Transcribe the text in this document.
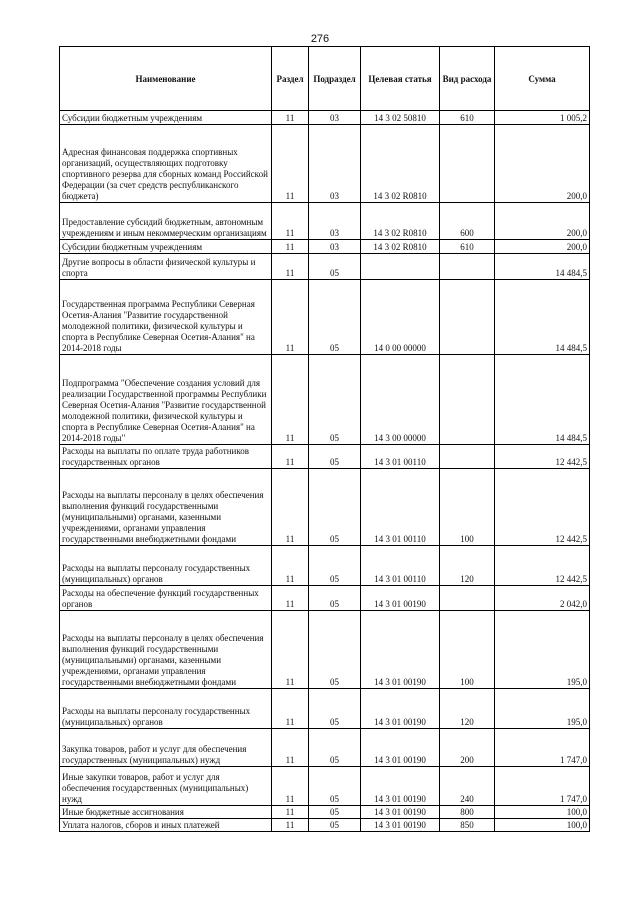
276
Наименование	Раздел	Подраздел	Целевая статья	Вид расхода	Сумма

Субсидии бюджетным учреждениям	11	03	14 3 02 50810	610	1 005,2

Адресная финансовая поддержка спортивных организаций, осуществляющих подготовку спортивного резерва для сборных команд Российской Федерации (за счет средств республиканского бюджета)	11	03	14 3 02 R0810		200,0

Предоставление субсидий бюджетным, автономным учреждениям и иным некоммерческим организациям	11	03	14 3 02 R0810	600	200,0

Субсидии бюджетным учреждениям	11	03	14 3 02 R0810	610	200,0

Другие вопросы в области физической культуры и спорта	11	05			14 484,5

Государственная программа Республики Северная Осетия-Алания "Развитие государственной молодежной политики, физической культуры и спорта в Республике Северная Осетия-Алания" на 2014-2018 годы	11	05	14 0 00 00000		14 484,5

Подпрограмма "Обеспечение создания условий для реализации Государственной программы Республики Северная Осетия-Алания "Развитие государственной молодежной политики, физической культуры и спорта в Республике Северная Осетия-Алания" на 2014-2018 годы"	11	05	14 3 00 00000		14 484,5

Расходы на выплаты по оплате труда работников государственных органов	11	05	14 3 01 00110		12 442,5

Расходы на выплаты персоналу в целях обеспечения выполнения функций государственными (муниципальными) органами, казенными учреждениями, органами управления государственными внебюджетными фондами	11	05	14 3 01 00110	100	12 442,5

Расходы на выплаты персоналу государственных (муниципальных) органов	11	05	14 3 01 00110	120	12 442,5

Расходы на обеспечение функций государственных органов	11	05	14 3 01 00190		2 042,0

Расходы на выплаты персоналу в целях обеспечения выполнения функций государственными (муниципальными) органами, казенными учреждениями, органами управления государственными внебюджетными фондами	11	05	14 3 01 00190	100	195,0

Расходы на выплаты персоналу государственных (муниципальных) органов	11	05	14 3 01 00190	120	195,0

Закупка товаров, работ и услуг для обеспечения государственных (муниципальных) нужд	11	05	14 3 01 00190	200	1 747,0

Иные закупки товаров, работ и услуг для обеспечения государственных (муниципальных) нужд	11	05	14 3 01 00190	240	1 747,0

Иные бюджетные ассигнования	11	05	14 3 01 00190	800	100,0

Уплата налогов, сборов и иных платежей	11	05	14 3 01 00190	850	100,0
